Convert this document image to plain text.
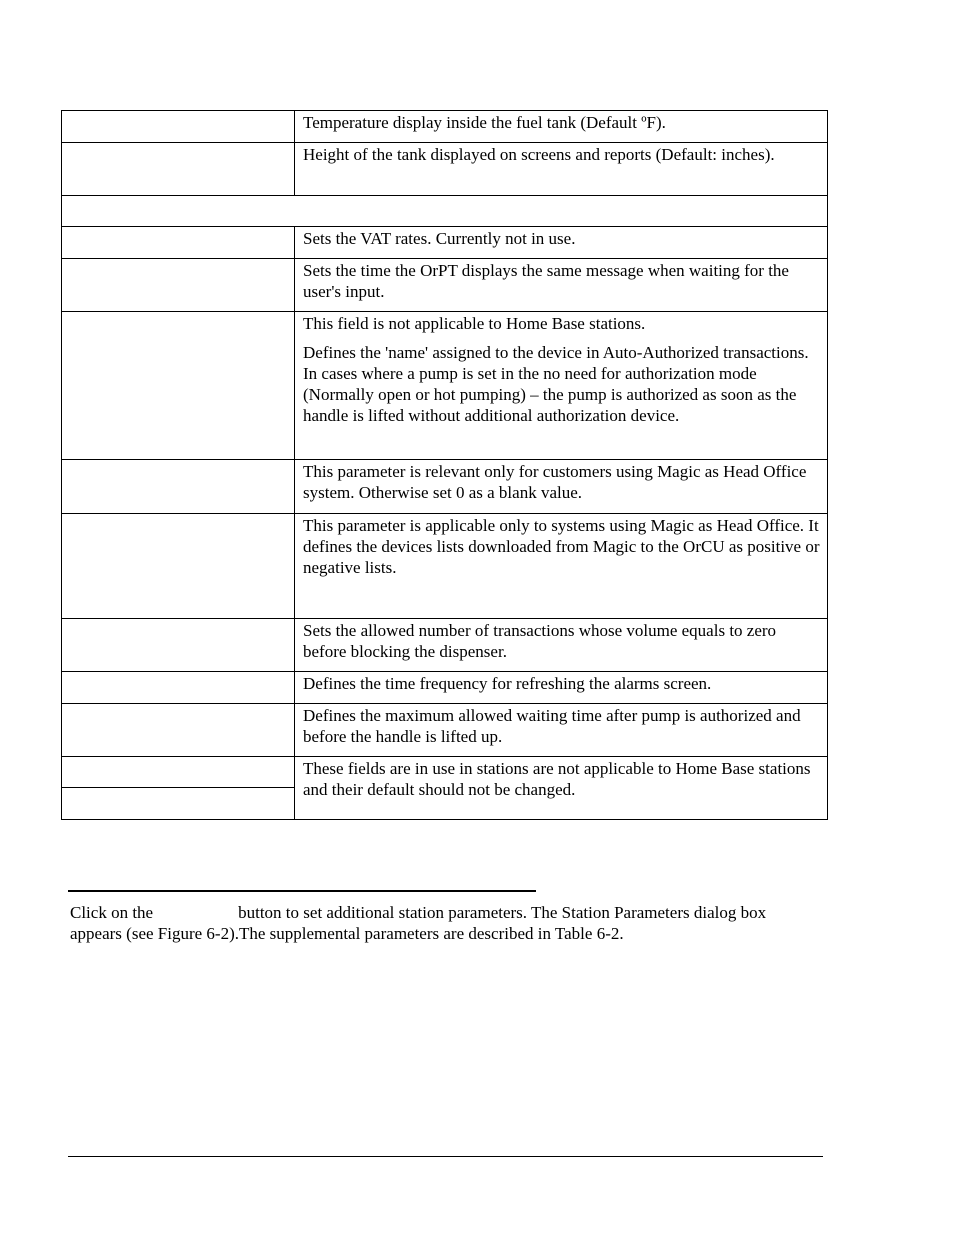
	Temperature display inside the fuel tank (Default ºF).

	Height of the tank displayed on screens and reports (Default: inches).

	Sets the VAT rates. Currently not in use.

	Sets the time the OrPT displays the same message when waiting for the user's input.

	This field is not applicable to Home Base stations.

Defines the 'name' assigned to the device in Auto-Authorized transactions. In cases where a pump is set in the no need for authorization mode (Normally open or hot pumping) – the pump is authorized as soon as the handle is lifted without additional authorization device.

	This parameter is relevant only for customers using Magic as Head Office system. Otherwise set 0 as a blank value.

	This parameter is applicable only to systems using Magic as Head Office. It defines the devices lists downloaded from Magic to the OrCU as positive or negative lists.

	Sets the allowed number of transactions whose volume equals to zero before blocking the dispenser.

	Defines the time frequency for refreshing the alarms screen.

	Defines the maximum allowed waiting time after pump is authorized and before the handle is lifted up.

	These fields are in use in stations are not applicable to Home Base stations and their default should not be changed.

Click on the	button to set additional station parameters. The Station Parameters dialog box appears (see Figure 6-2).The supplemental parameters are described in Table 6-2.
